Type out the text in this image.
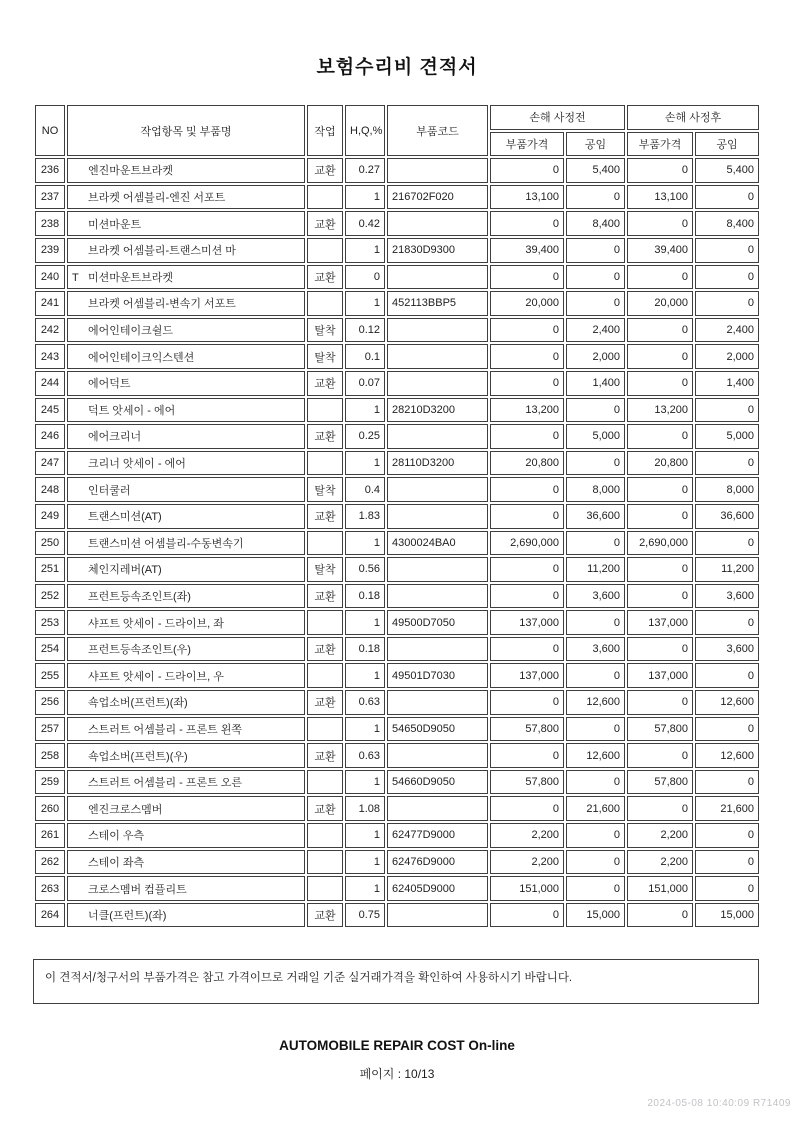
보험수리비 견적서
NO	작업항목 및 부품명	작업	H,Q,%	부품코드	손해 사정전		손해 사정후	
					부품가격	공임	부품가격	공임
236	엔진마운트브라켓	교환	0.27		0	5,400	0	5,400
237	브라켓 어셈블리-엔진 서포트		1	216702F020	13,100	0	13,100	0
238	미션마운트	교환	0.42		0	8,400	0	8,400
239	브라켓 어셈블리-트랜스미션 마		1	21830D9300	39,400	0	39,400	0
240	T 미션마운트브라켓	교환	0		0	0	0	0
241	브라켓 어셈블리-변속기 서포트		1	452113BBP5	20,000	0	20,000	0
242	에어인테이크쉴드	탈착	0.12		0	2,400	0	2,400
243	에어인테이크익스텐션	탈착	0.1		0	2,000	0	2,000
244	에어덕트	교환	0.07		0	1,400	0	1,400
245	덕트 앗세이 - 에어		1	28210D3200	13,200	0	13,200	0
246	에어크리너	교환	0.25		0	5,000	0	5,000
247	크리너 앗세이 - 에어		1	28110D3200	20,800	0	20,800	0
248	인터쿨러	탈착	0.4		0	8,000	0	8,000
249	트랜스미션(AT)	교환	1.83		0	36,600	0	36,600
250	트랜스미션 어셈블리-수동변속기		1	4300024BA0	2,690,000	0	2,690,000	0
251	체인지레버(AT)	탈착	0.56		0	11,200	0	11,200
252	프런트등속조인트(좌)	교환	0.18		0	3,600	0	3,600
253	샤프트 앗세이 - 드라이브, 좌		1	49500D7050	137,000	0	137,000	0
254	프런트등속조인트(우)	교환	0.18		0	3,600	0	3,600
255	샤프트 앗세이 - 드라이브, 우		1	49501D7030	137,000	0	137,000	0
256	쇽업소버(프런트)(좌)	교환	0.63		0	12,600	0	12,600
257	스트러트 어셈블리 - 프론트 왼쪽		1	54650D9050	57,800	0	57,800	0
258	쇽업소버(프런트)(우)	교환	0.63		0	12,600	0	12,600
259	스트러트 어셈블리 - 프론트 오른		1	54660D9050	57,800	0	57,800	0
260	엔진크로스멤버	교환	1.08		0	21,600	0	21,600
261	스테이 우측		1	62477D9000	2,200	0	2,200	0
262	스테이 좌측		1	62476D9000	2,200	0	2,200	0
263	크로스멤버 컴플리트		1	62405D9000	151,000	0	151,000	0
264	너클(프런트)(좌)	교환	0.75		0	15,000	0	15,000
이 견적서/청구서의 부품가격은 참고 가격이므로 거래일 기준 실거래가격을 확인하여 사용하시기 바랍니다.
AUTOMOBILE REPAIR COST On-line
페이지 : 10/13
2024-05-08 10:40:09 R71409
